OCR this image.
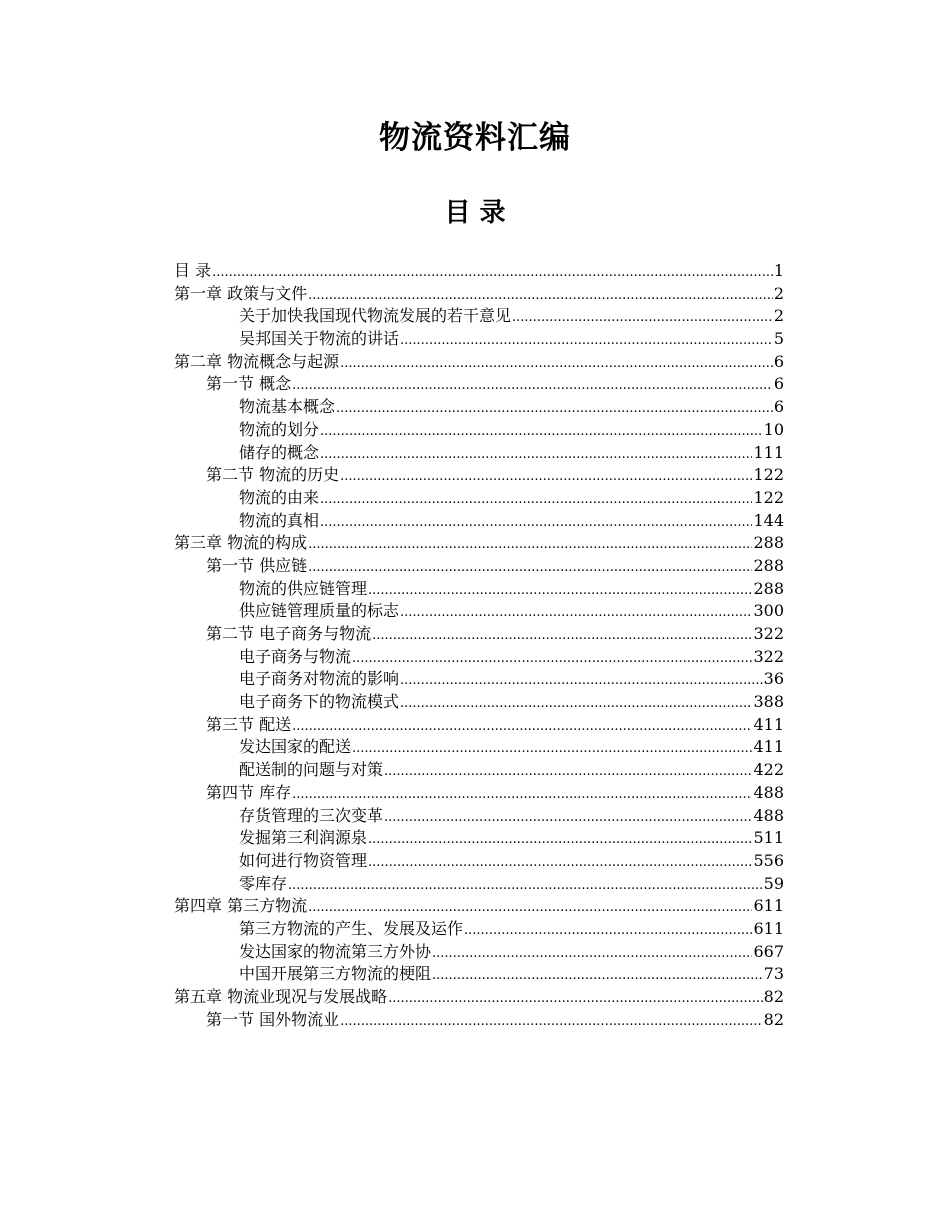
物流资料汇编
目 录
目 录 .....	1
第一章 政策与文件 .....	2
关于加快我国现代物流发展的若干意见 .....	2
吴邦国关于物流的讲话 .....	5
第二章 物流概念与起源 .....	6
第一节 概念 .....	6
物流基本概念 .....	6
物流的划分 .....	10
储存的概念 .....	111
第二节 物流的历史 .....	122
物流的由来 .....	122
物流的真相 .....	144
第三章 物流的构成 .....	288
第一节 供应链 .....	288
物流的供应链管理 .....	288
供应链管理质量的标志 .....	300
第二节 电子商务与物流 .....	322
电子商务与物流 .....	322
电子商务对物流的影响 .....	36
电子商务下的物流模式 .....	388
第三节 配送 .....	411
发达国家的配送 .....	411
配送制的问题与对策 .....	422
第四节 库存 .....	488
存货管理的三次变革 .....	488
发掘第三利润源泉 .....	511
如何进行物资管理 .....	556
零库存 .....	59
第四章 第三方物流 .....	611
第三方物流的产生、发展及运作 .....	611
发达国家的物流第三方外协 .....	667
中国开展第三方物流的梗阻 .....	73
第五章 物流业现况与发展战略 .....	82
第一节 国外物流业 .....	82
